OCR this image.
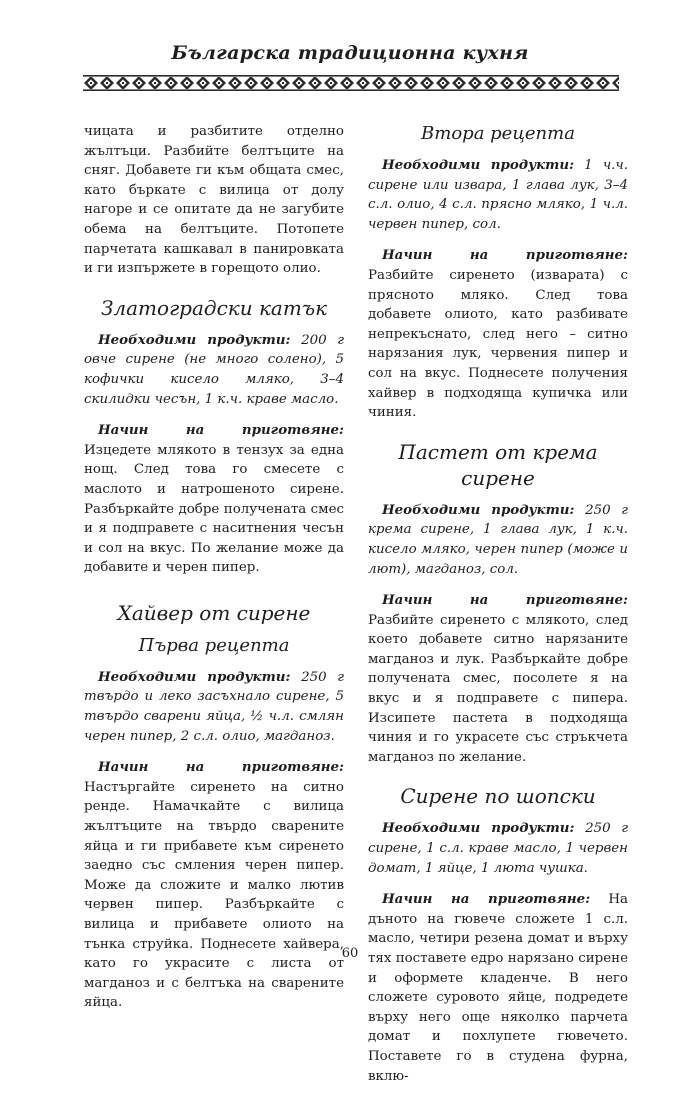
Българска традиционна кухня

чицата и разбитите отделно жълтъци. Разбийте белтъците на сняг. Добавете ги към общата смес, като бъркате с вилица от долу нагоре и се опитате да не загубите обема на белтъците. Потопете парчетата кашкавал в панировката и ги изпържете в горещото олио.

Златоградски катък

Необходими продукти: 200 г овче сирене (не много солено), 5 кофички кисело мляко, 3–4 скилидки чесън, 1 к.ч. краве масло.

Начин на приготвяне: Изцедете млякото в тензух за една нощ. След това го смесете с маслото и натрошеното сирене. Разбъркайте добре получената смес и я подправете с наситнения чесън и сол на вкус. По желание може да добавите и черен пипер.

Хайвер от сирене
Първа рецепта

Необходими продукти: 250 г твърдо и леко засъхнало сирене, 5 твърдо сварени яйца, ½ ч.л. смлян черен пипер, 2 с.л. олио, магданоз.

Начин на приготвяне: Настъргайте сиренето на ситно ренде. Намачкайте с вилица жълтъците на твърдо сварените яйца и ги прибавете към сиренето заедно със смления черен пипер. Може да сложите и малко лютив червен пипер. Разбъркайте с вилица и прибавете олиото на тънка струйка. Поднесете хайвера, като го украсите с листа от магданоз и с белтъка на сварените яйца.

Втора рецепта

Необходими продукти: 1 ч.ч. сирене или извара, 1 глава лук, 3–4 с.л. олио, 4 с.л. прясно мляко, 1 ч.л. червен пипер, сол.

Начин на приготвяне: Разбийте сиренето (изварата) с прясното мляко. След това добавете олиото, като разбивате непрекъснато, след него – ситно нарязания лук, червения пипер и сол на вкус. Поднесете получения хайвер в подходяща купичка или чиния.

Пастет от крема сирене

Необходими продукти: 250 г крема сирене, 1 глава лук, 1 к.ч. кисело мляко, черен пипер (може и лют), магданоз, сол.

Начин на приготвяне: Разбийте сиренето с млякото, след което добавете ситно нарязаните магданоз и лук. Разбъркайте добре получената смес, посолете я на вкус и я подправете с пипера. Изсипете пастета в подходяща чиния и го украсете със стръкчета магданоз по желание.

Сирене по шопски

Необходими продукти: 250 г сирене, 1 с.л. краве масло, 1 червен домат, 1 яйце, 1 люта чушка.

Начин на приготвяне: На дъното на гювече сложете 1 с.л. масло, четири резена домат и върху тях поставете едро нарязано сирене и оформете кладенче. В него сложете суровото яйце, подредете върху него още няколко парчета домат и похлупете гювечето. Поставете го в студена фурна, вклю-

60
